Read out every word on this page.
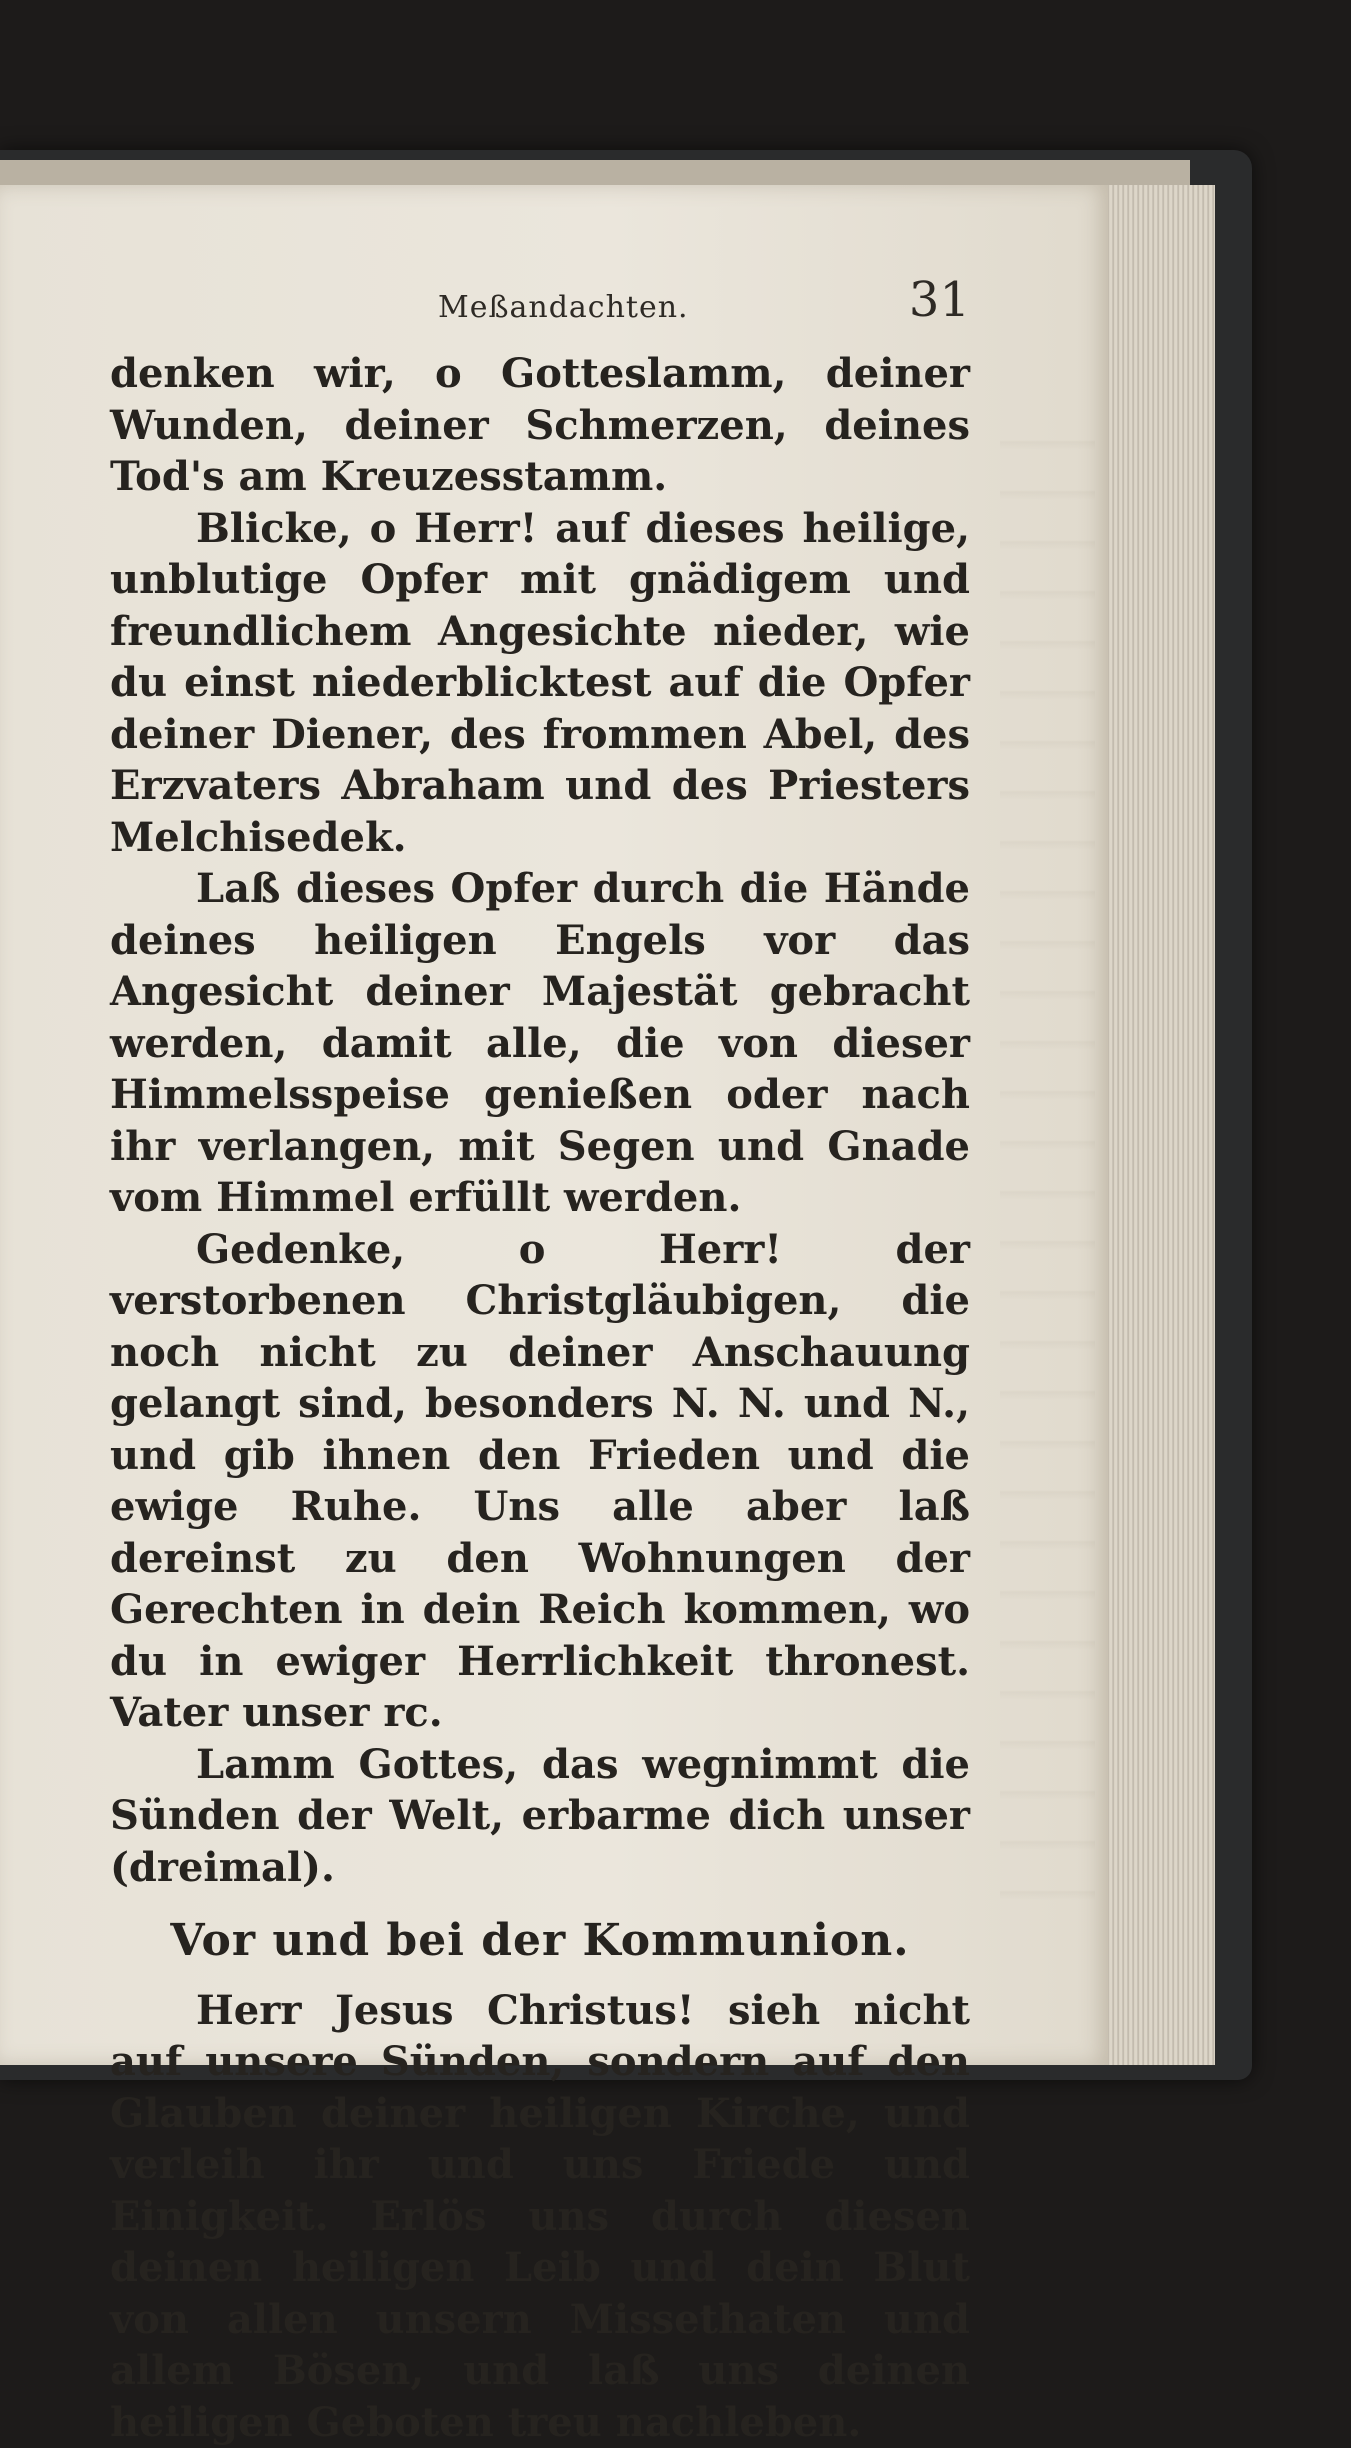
Meßandachten.	31

denken wir, o Gotteslamm, deiner Wunden, deiner Schmerzen, deines Tod's am Kreuzesstamm.

Blicke, o Herr! auf dieses heilige, unblutige Opfer mit gnädigem und freundlichem Angesichte nieder, wie du einst niederblicktest auf die Opfer deiner Diener, des frommen Abel, des Erzvaters Abraham und des Priesters Melchisedek.

Laß dieses Opfer durch die Hände deines heiligen Engels vor das Angesicht deiner Majestät gebracht werden, damit alle, die von dieser Himmelsspeise genießen oder nach ihr verlangen, mit Segen und Gnade vom Himmel erfüllt werden.

Gedenke, o Herr! der verstorbenen Christgläubigen, die noch nicht zu deiner Anschauung gelangt sind, besonders N. N. und N., und gib ihnen den Frieden und die ewige Ruhe. Uns alle aber laß dereinst zu den Wohnungen der Gerechten in dein Reich kommen, wo du in ewiger Herrlichkeit thronest. Vater unser rc.

Lamm Gottes, das wegnimmt die Sünden der Welt, erbarme dich unser (dreimal).

Vor und bei der Kommunion.

Herr Jesus Christus! sieh nicht auf unsere Sünden, sondern auf den Glauben deiner heiligen Kirche, und verleih ihr und uns Friede und Einigkeit. Erlös uns durch diesen deinen heiligen Leib und dein Blut von allen unsern Missethaten und allem Bösen, und laß uns deinen heiligen Geboten treu nachleben.
